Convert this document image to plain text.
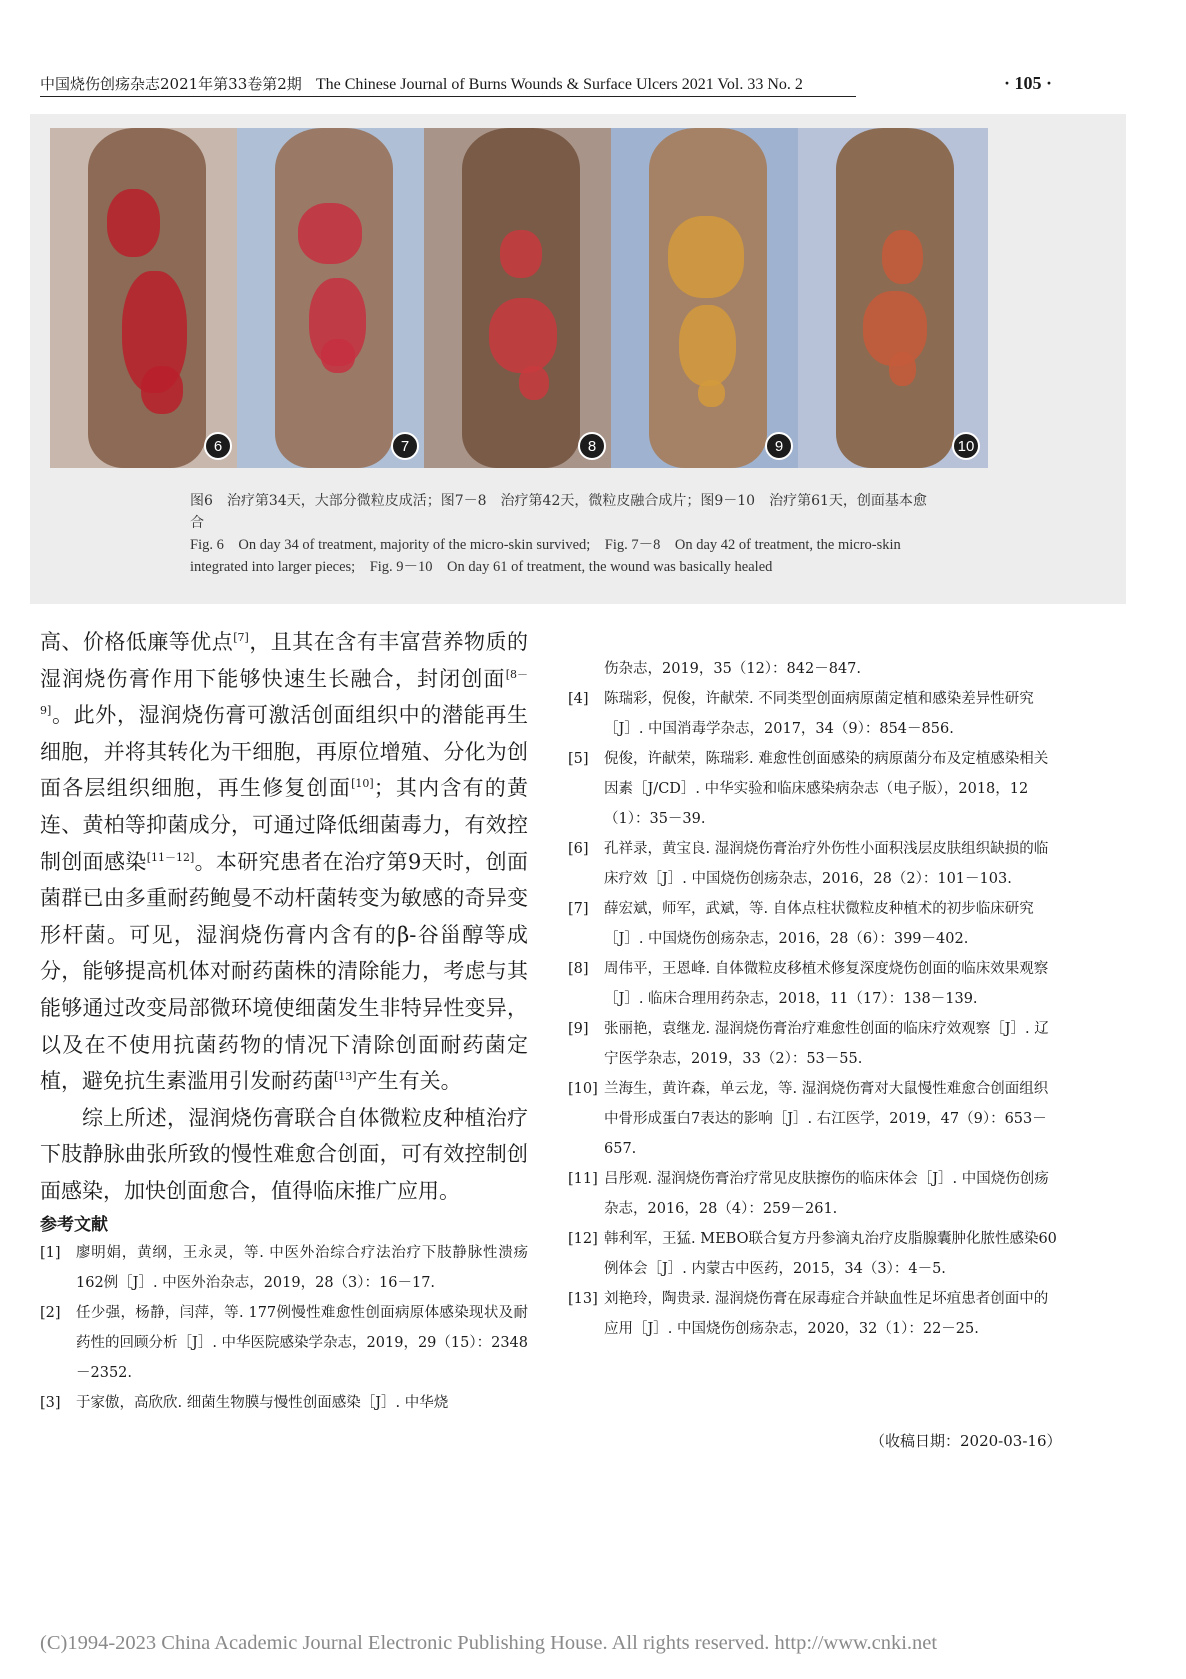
中国烧伤创疡杂志2021年第33卷第2期 The Chinese Journal of Burns Wounds & Surface Ulcers 2021 Vol. 33 No. 2	· 105 ·
6	7	8	9	10

图6　治疗第34天，大部分微粒皮成活；图7－8　治疗第42天，微粒皮融合成片；图9－10　治疗第61天，创面基本愈合

Fig. 6　On day 34 of treatment, majority of the micro-skin survived;　Fig. 7－8　On day 42 of treatment, the micro-skin integrated into larger pieces;　Fig. 9－10　On day 61 of treatment, the wound was basically healed

高、价格低廉等优点[7]，且其在含有丰富营养物质的湿润烧伤膏作用下能够快速生长融合，封闭创面[8－9]。此外，湿润烧伤膏可激活创面组织中的潜能再生细胞，并将其转化为干细胞，再原位增殖、分化为创面各层组织细胞，再生修复创面[10]；其内含有的黄连、黄柏等抑菌成分，可通过降低细菌毒力，有效控制创面感染[11－12]。本研究患者在治疗第9天时，创面菌群已由多重耐药鲍曼不动杆菌转变为敏感的奇异变形杆菌。可见，湿润烧伤膏内含有的β-谷甾醇等成分，能够提高机体对耐药菌株的清除能力，考虑与其能够通过改变局部微环境使细菌发生非特异性变异，以及在不使用抗菌药物的情况下清除创面耐药菌定植，避免抗生素滥用引发耐药菌[13]产生有关。

综上所述，湿润烧伤膏联合自体微粒皮种植治疗下肢静脉曲张所致的慢性难愈合创面，可有效控制创面感染，加快创面愈合，值得临床推广应用。

参考文献
[1]	廖明娟，黄纲，王永灵，等. 中医外治综合疗法治疗下肢静脉性溃疡162例［J］. 中医外治杂志，2019，28（3）：16－17.
[2]	任少强，杨静，闫萍，等. 177例慢性难愈性创面病原体感染现状及耐药性的回顾分析［J］. 中华医院感染学杂志，2019，29（15）：2348－2352.
[3]	于家傲，高欣欣. 细菌生物膜与慢性创面感染［J］. 中华烧
伤杂志，2019，35（12）：842－847.
[4]	陈瑞彩，倪俊，许献荣. 不同类型创面病原菌定植和感染差异性研究［J］. 中国消毒学杂志，2017，34（9）：854－856.
[5]	倪俊，许献荣，陈瑞彩. 难愈性创面感染的病原菌分布及定植感染相关因素［J/CD］. 中华实验和临床感染病杂志（电子版），2018，12（1）：35－39.
[6]	孔祥录，黄宝良. 湿润烧伤膏治疗外伤性小面积浅层皮肤组织缺损的临床疗效［J］. 中国烧伤创疡杂志，2016，28（2）：101－103.
[7]	薛宏斌，师军，武斌，等. 自体点柱状微粒皮种植术的初步临床研究［J］. 中国烧伤创疡杂志，2016，28（6）：399－402.
[8]	周伟平，王恩峰. 自体微粒皮移植术修复深度烧伤创面的临床效果观察［J］. 临床合理用药杂志，2018，11（17）：138－139.
[9]	张丽艳，袁继龙. 湿润烧伤膏治疗难愈性创面的临床疗效观察［J］. 辽宁医学杂志，2019，33（2）：53－55.
[10] 兰海生，黄许森，单云龙，等. 湿润烧伤膏对大鼠慢性难愈合创面组织中骨形成蛋白7表达的影响［J］. 右江医学，2019，47（9）：653－657.
[11] 吕彤观. 湿润烧伤膏治疗常见皮肤擦伤的临床体会［J］. 中国烧伤创疡杂志，2016，28（4）：259－261.
[12] 韩利军，王猛. MEBO联合复方丹参滴丸治疗皮脂腺囊肿化脓性感染60例体会［J］. 内蒙古中医药，2015，34（3）：4－5.
[13] 刘艳玲，陶贵录. 湿润烧伤膏在尿毒症合并缺血性足坏疽患者创面中的应用［J］. 中国烧伤创疡杂志，2020，32（1）：22－25.
（收稿日期：2020-03-16）
(C)1994-2023 China Academic Journal Electronic Publishing House. All rights reserved. http://www.cnki.net
